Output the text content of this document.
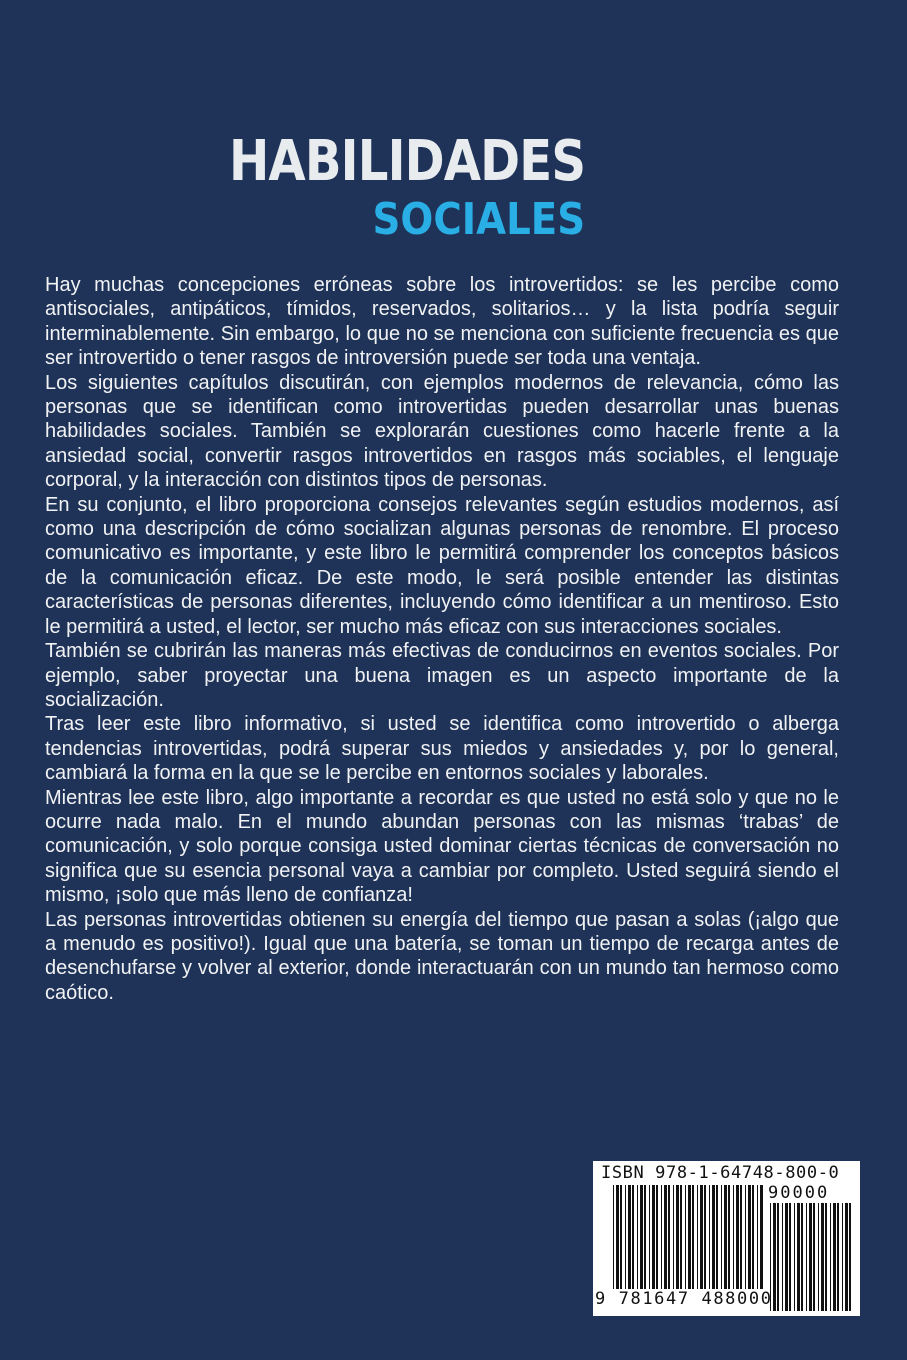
HABILIDADES
SOCIALES

Hay muchas concepciones erróneas sobre los introvertidos: se les percibe como antisociales, antipáticos, tímidos, reservados, solitarios… y la lista podría seguir interminablemente. Sin embargo, lo que no se menciona con suficiente frecuencia es que ser introvertido o tener rasgos de introversión puede ser toda una ventaja.

Los siguientes capítulos discutirán, con ejemplos modernos de relevancia, cómo las personas que se identifican como introvertidas pueden desarrollar unas buenas habilidades sociales. También se explorarán cuestiones como hacerle frente a la ansiedad social, convertir rasgos introvertidos en rasgos más sociables, el lenguaje corporal, y la interacción con distintos tipos de personas.

En su conjunto, el libro proporciona consejos relevantes según estudios modernos, así como una descripción de cómo socializan algunas personas de renombre. El proceso comunicativo es importante, y este libro le permitirá comprender los conceptos básicos de la comunicación eficaz. De este modo, le será posible entender las distintas características de personas diferentes, incluyendo cómo identificar a un mentiroso. Esto le permitirá a usted, el lector, ser mucho más eficaz con sus interacciones sociales.

También se cubrirán las maneras más efectivas de conducirnos en eventos sociales. Por ejemplo, saber proyectar una buena imagen es un aspecto importante de la socialización.

Tras leer este libro informativo, si usted se identifica como introvertido o alberga tendencias introvertidas, podrá superar sus miedos y ansiedades y, por lo general, cambiará la forma en la que se le percibe en entornos sociales y laborales.

Mientras lee este libro, algo importante a recordar es que usted no está solo y que no le ocurre nada malo. En el mundo abundan personas con las mismas ‘trabas’ de comunicación, y solo porque consiga usted dominar ciertas técnicas de conversación no significa que su esencia personal vaya a cambiar por completo. Usted seguirá siendo el mismo, ¡solo que más lleno de confianza!

Las personas introvertidas obtienen su energía del tiempo que pasan a solas (¡algo que a menudo es positivo!). Igual que una batería, se toman un tiempo de recarga antes de desenchufarse y volver al exterior, donde interactuarán con un mundo tan hermoso como caótico.

ISBN 978-1-64748-800-0
90000
9 781647 488000
